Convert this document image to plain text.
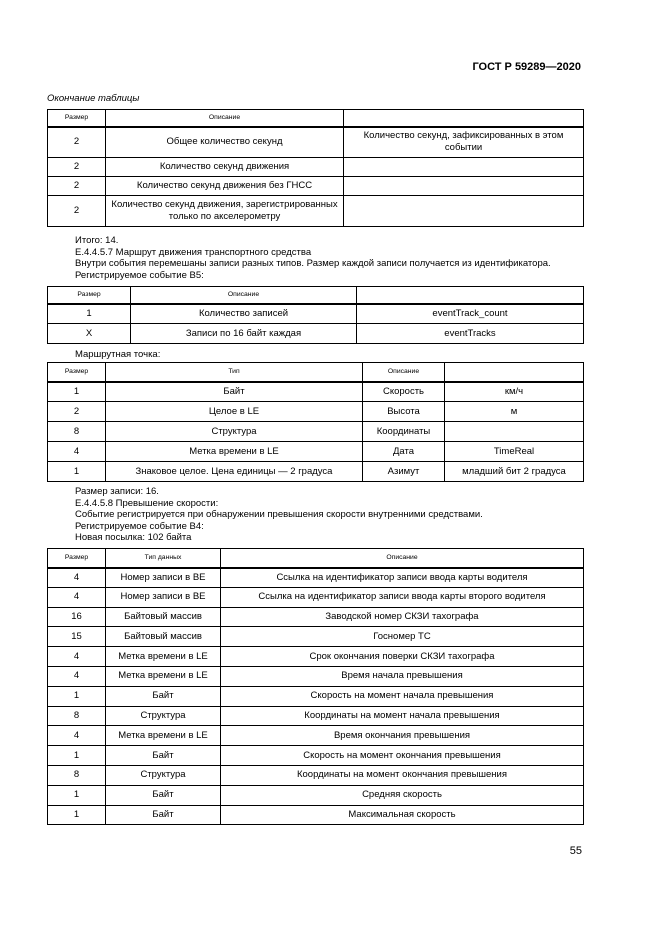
ГОСТ Р 59289—2020
Окончание таблицы
Размер	Описание	
2	Общее количество секунд	Количество секунд, зафиксированных в этом событии
2	Количество секунд движения	
2	Количество секунд движения без ГНСС	
2	Количество секунд движения, зарегистрированных только по акселерометру	
Итого: 14.
Е.4.4.5.7 Маршрут движения транспортного средства
Внутри события перемешаны записи разных типов. Размер каждой записи получается из идентификатора.
Регистрируемое событие В5:
Размер	Описание	
1	Количество записей	eventTrack_count
X	Записи по 16 байт каждая	eventTracks
Маршрутная точка:
Размер	Тип	Описание	
1	Байт	Скорость	км/ч
2	Целое в LE	Высота	м
8	Структура	Координаты	
4	Метка времени в LE	Дата	TimeReal
1	Знаковое целое. Цена единицы — 2 градуса	Азимут	младший бит 2 градуса
Размер записи: 16.
Е.4.4.5.8 Превышение скорости:
Событие регистрируется при обнаружении превышения скорости внутренними средствами.
Регистрируемое событие В4:
Новая посылка: 102 байта
Размер	Тип данных	Описание
4	Номер записи в BE	Ссылка на идентификатор записи ввода карты водителя
4	Номер записи в BE	Ссылка на идентификатор записи ввода карты второго водителя
16	Байтовый массив	Заводской номер СКЗИ тахографа
15	Байтовый массив	Госномер ТС
4	Метка времени в LE	Срок окончания поверки СКЗИ тахографа
4	Метка времени в LE	Время начала превышения
1	Байт	Скорость на момент начала превышения
8	Структура	Координаты на момент начала превышения
4	Метка времени в LE	Время окончания превышения
1	Байт	Скорость на момент окончания превышения
8	Структура	Координаты на момент окончания превышения
1	Байт	Средняя скорость
1	Байт	Максимальная скорость
55
